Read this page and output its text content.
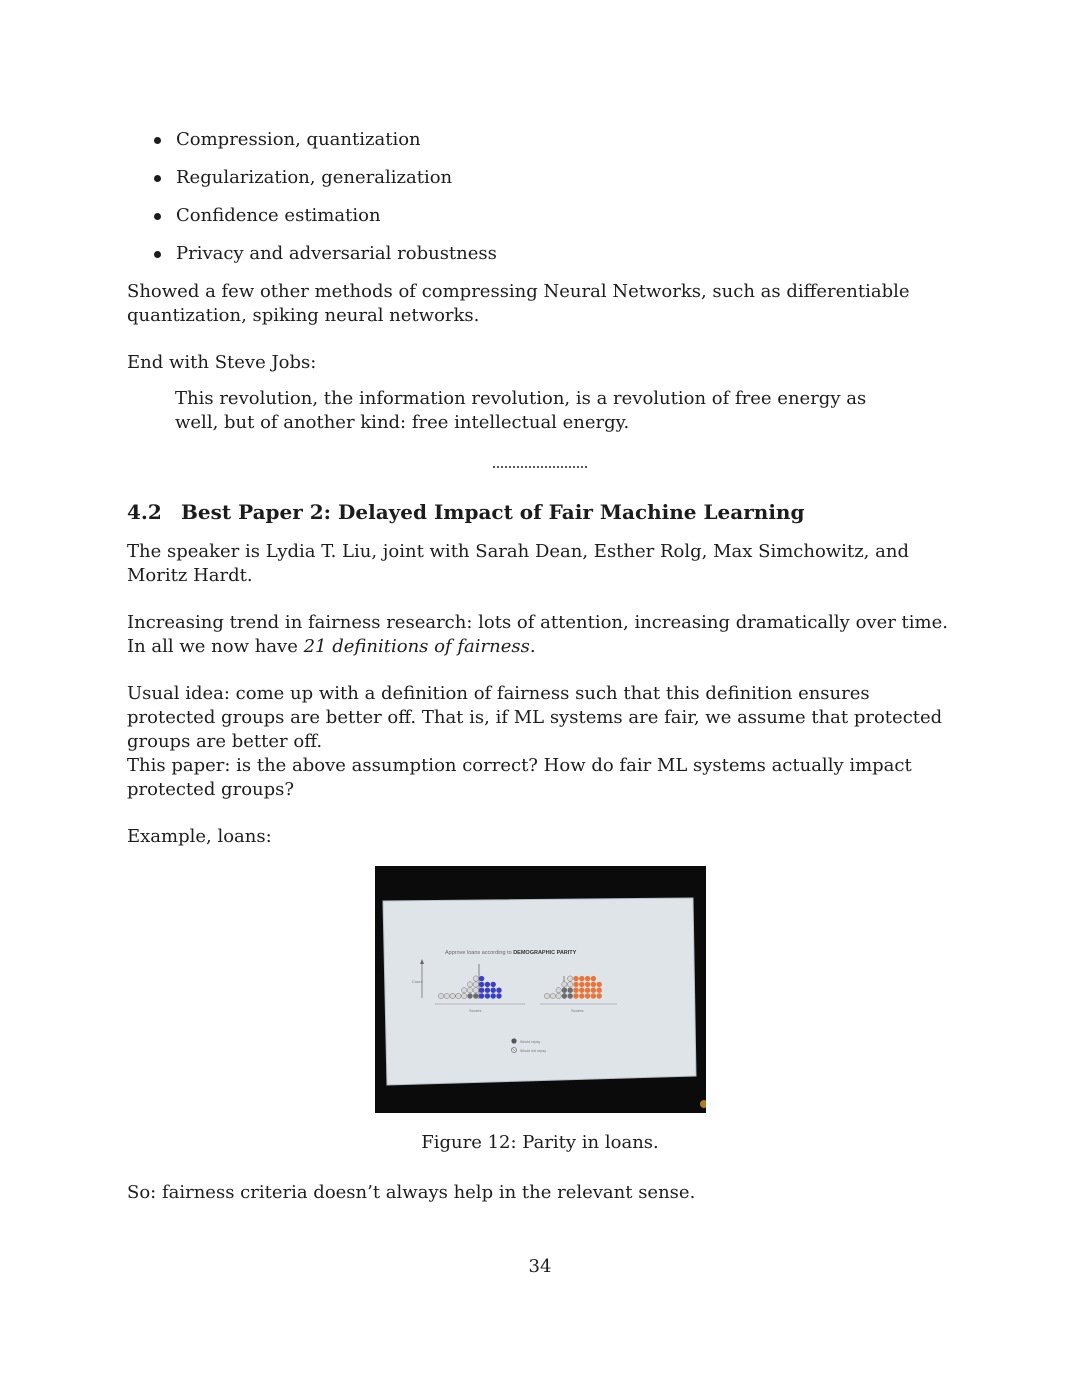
Compression, quantization
Regularization, generalization
Confidence estimation
Privacy and adversarial robustness

Showed a few other methods of compressing Neural Networks, such as differentiable quantization, spiking neural networks.

End with Steve Jobs:

This revolution, the information revolution, is a revolution of free energy as well, but of another kind: free intellectual energy.

4.2 Best Paper 2: Delayed Impact of Fair Machine Learning

The speaker is Lydia T. Liu, joint with Sarah Dean, Esther Rolg, Max Simchowitz, and Moritz Hardt.

Increasing trend in fairness research: lots of attention, increasing dramatically over time. In all we now have 21 definitions of fairness.

Usual idea: come up with a definition of fairness such that this definition ensures protected groups are better off. That is, if ML systems are fair, we assume that protected groups are better off.

This paper: is the above assumption correct? How do fair ML systems actually impact protected groups?

Example, loans:

Approve loans according to DEMOGRAPHIC PARITY
Count
Scores	Scores
Would repay
Would not repay
Figure 12: Parity in loans.

So: fairness criteria doesn’t always help in the relevant sense.

34
